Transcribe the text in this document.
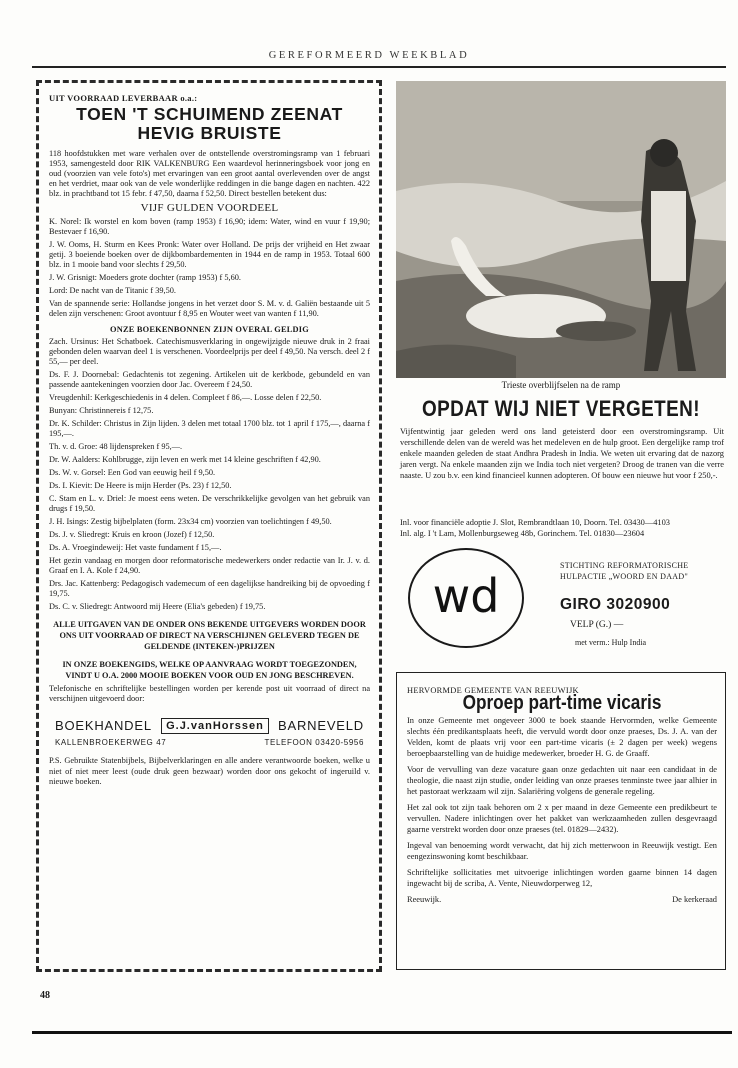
GEREFORMEERD WEEKBLAD
UIT VOORRAAD LEVERBAAR o.a.:
TOEN 'T SCHUIMEND ZEENAT
HEVIG BRUISTE

118 hoofdstukken met ware verhalen over de ontstellende overstromingsramp van 1 februari 1953, samengesteld door RIK VALKENBURG Een waardevol herinneringsboek voor jong en oud (voorzien van vele foto's) met ervaringen van een groot aantal overlevenden over de angst en het verdriet, maar ook van de vele wonderlijke reddingen in die bange dagen en nachten. 422 blz. in prachtband tot 15 febr. f 47,50, daarna f 52,50. Direct bestellen betekent dus:

VIJF GULDEN VOORDEEL

K. Norel: Ik worstel en kom boven (ramp 1953) f 16,90; idem: Water, wind en vuur f 19,90; Bestevaer f 16,90.

J. W. Ooms, H. Sturm en Kees Pronk: Water over Holland. De prijs der vrijheid en Het zwaar getij. 3 boeiende boeken over de dijkbombardementen in 1944 en de ramp in 1953. Totaal 600 blz. in 1 mooie band voor slechts f 29,50.

J. W. Grisnigt: Moeders grote dochter (ramp 1953) f 5,60.

Lord: De nacht van de Titanic f 39,50.

Van de spannende serie: Hollandse jongens in het verzet door S. M. v. d. Galiën bestaande uit 5 delen zijn verschenen: Groot avontuur f 8,95 en Wouter weet van wanten f 11,90.

ONZE BOEKENBONNEN ZIJN OVERAL GELDIG

Zach. Ursinus: Het Schatboek. Catechismusverklaring in ongewijzigde nieuwe druk in 2 fraai gebonden delen waarvan deel 1 is verschenen. Voordeelprijs per deel f 49,50. Na versch. deel 2 f 55,— per deel.

Ds. F. J. Doornebal: Gedachtenis tot zegening. Artikelen uit de kerkbode, gebundeld en van passende aantekeningen voorzien door Jac. Overeem f 24,50.

Vreugdenhil: Kerkgeschiedenis in 4 delen. Compleet f 86,—. Losse delen f 22,50.

Bunyan: Christinnereis f 12,75.

Dr. K. Schilder: Christus in Zijn lijden. 3 delen met totaal 1700 blz. tot 1 april f 175,—, daarna f 195,—.

Th. v. d. Groe: 48 lijdenspreken f 95,—.

Dr. W. Aalders: Kohlbrugge, zijn leven en werk met 14 kleine geschriften f 42,90.

Ds. W. v. Gorsel: Een God van eeuwig heil f 9,50.

Ds. I. Kievit: De Heere is mijn Herder (Ps. 23) f 12,50.

C. Stam en L. v. Driel: Je moest eens weten. De verschrikkelijke gevolgen van het gebruik van drugs f 19,50.

J. H. Isings: Zestig bijbelplaten (form. 23x34 cm) voorzien van toelichtingen f 49,50.

Ds. J. v. Sliedregt: Kruis en kroon (Jozef) f 12,50.

Ds. A. Vroegindeweij: Het vaste fundament f 15,—.

Het gezin vandaag en morgen door reformatorische medewerkers onder redactie van Ir. J. v. d. Graaf en I. A. Kole f 24,90.

Drs. Jac. Kattenberg: Pedagogisch vademecum of een dagelijkse handreiking bij de opvoeding f 19,75.

Ds. C. v. Sliedregt: Antwoord mij Heere (Elia's gebeden) f 19,75.

ALLE UITGAVEN VAN DE ONDER ONS BEKENDE UITGEVERS WORDEN DOOR ONS UIT VOORRAAD OF DIRECT NA VERSCHIJNEN GELEVERD TEGEN DE GELDENDE (INTEKEN-)PRIJZEN
IN ONZE BOEKENGIDS, WELKE OP AANVRAAG WORDT TOEGEZONDEN, VINDT U O.A. 2000 MOOIE BOEKEN VOOR OUD EN JONG BESCHREVEN.

Telefonische en schriftelijke bestellingen worden per kerende post uit voorraad of direct na verschijnen uitgevoerd door:

BOEKHANDEL	G.J.vanHorssen	BARNEVELD
KALLENBROEKERWEG 47	TELEFOON 03420-5956

P.S. Gebruikte Statenbijbels, Bijbelverklaringen en alle andere verantwoorde boeken, welke u niet of niet meer leest (oude druk geen bezwaar) worden door ons gekocht of ingeruild v. nieuwe boeken.

Trieste overblijfselen na de ramp
OPDAT WIJ NIET VERGETEN!

Vijfentwintig jaar geleden werd ons land geteisterd door een overstromingsramp. Uit verschillende delen van de wereld was het medeleven en de hulp groot. Een dergelijke ramp trof enkele maanden geleden de staat Andhra Pradesh in India. We weten uit ervaring dat de nazorg jaren vergt. Na enkele maanden zijn we India toch niet vergeten? Droog de tranen van die verre naaste. U zou b.v. een kind financieel kunnen adopteren. Of bouw een nieuwe hut voor f 250,-.

Inl. voor financiële adoptie J. Slot, Rembrandtlaan 10, Doorn. Tel. 03430—4103
Inl. alg. I 't Lam, Mollenburgseweg 48b, Gorinchem. Tel. 01830—23604
wd
STICHTING REFORMATORISCHE HULPACTIE „WOORD EN DAAD"
GIRO 3020900
VELP (G.) —
met verm.: Hulp India
HERVORMDE GEMEENTE VAN REEUWIJK
Oproep part-time vicaris

In onze Gemeente met ongeveer 3000 te boek staande Hervormden, welke Gemeente slechts één predikantsplaats heeft, die vervuld wordt door onze praeses, Ds. J. A. van der Velden, komt de plaats vrij voor een part-time vicaris (± 2 dagen per week) wegens beroepbaarstelling van de huidige medewerker, broeder H. G. de Graaff.

Voor de vervulling van deze vacature gaan onze gedachten uit naar een candidaat in de theologie, die naast zijn studie, onder leiding van onze praeses tenminste twee jaar alhier in het pastoraat werkzaam wil zijn. Salariëring volgens de generale regeling.

Het zal ook tot zijn taak behoren om 2 x per maand in deze Gemeente een predikbeurt te vervullen. Nadere inlichtingen over het pakket van werkzaamheden zullen desgevraagd gaarne verstrekt worden door onze praeses (tel. 01829—2432).

Ingeval van benoeming wordt verwacht, dat hij zich metterwoon in Reeuwijk vestigt. Een eengezinswoning komt beschikbaar.

Schriftelijke sollicitaties met uitvoerige inlichtingen worden gaarne binnen 14 dagen ingewacht bij de scriba, A. Vente, Nieuwdorperweg 12,

Reeuwijk.	De kerkeraad
48
